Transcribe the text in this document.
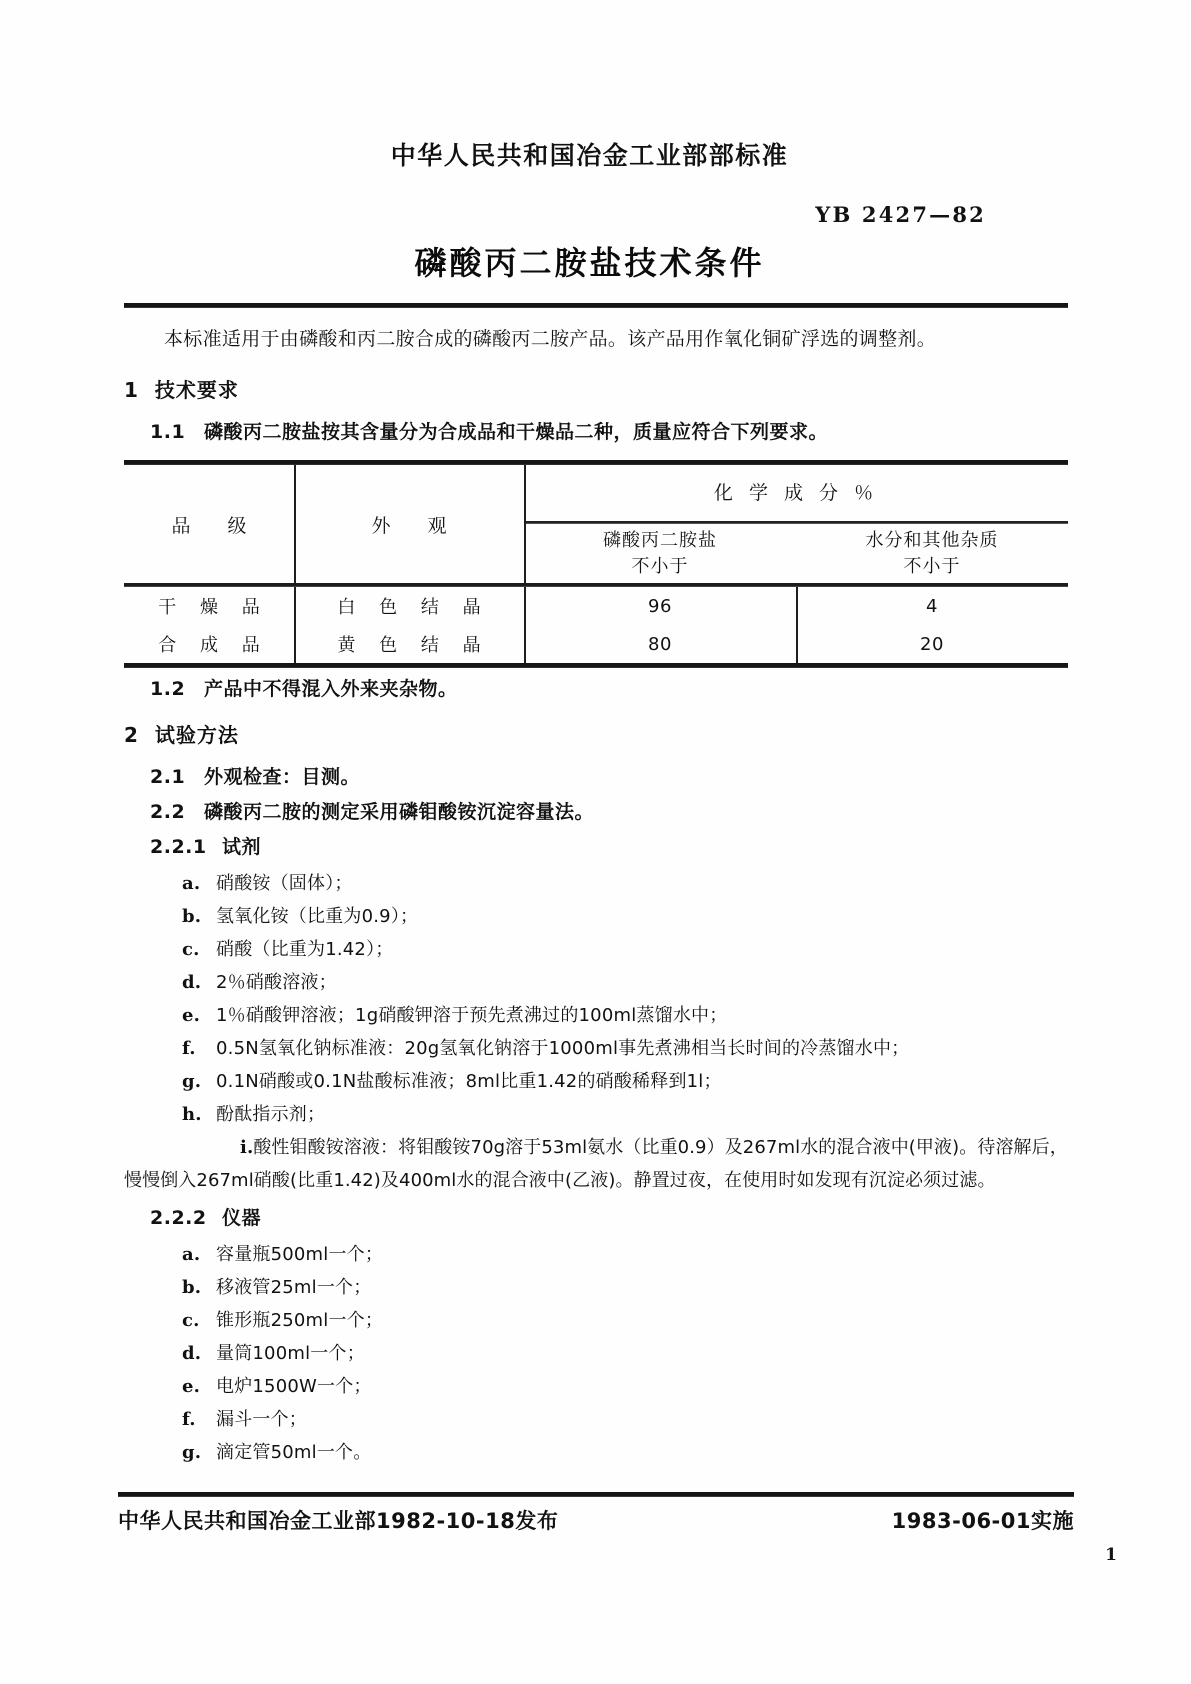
中华人民共和国冶金工业部部标准
YB 2427—82
磷酸丙二胺盐技术条件
本标准适用于由磷酸和丙二胺合成的磷酸丙二胺产品。该产品用作氧化铜矿浮选的调整剂。
1 技术要求
1.1 磷酸丙二胺盐按其含量分为合成品和干燥品二种，质量应符合下列要求。
品　级	外　观
化 学 成 分 ％
磷酸丙二胺盐
不小于
水分和其他杂质
不小于
干 燥 品	白 色 结 晶	96	4
合 成 品	黄 色 结 晶	80	20
1.2 产品中不得混入外来夹杂物。
2 试验方法
2.1 外观检查：目测。
2.2 磷酸丙二胺的测定采用磷钼酸铵沉淀容量法。
2.2.1 试剂
a. 硝酸铵（固体）；
b. 氢氧化铵（比重为0.9）；
c. 硝酸（比重为1.42）；
d. 2％硝酸溶液；
e. 1％硝酸钾溶液；1g硝酸钾溶于预先煮沸过的100ml蒸馏水中；
f. 0.5N氢氧化钠标准液：20g氢氧化钠溶于1000ml事先煮沸相当长时间的冷蒸馏水中；
g. 0.1N硝酸或0.1N盐酸标准液；8ml比重1.42的硝酸稀释到1l；
h. 酚酞指示剂；
i.酸性钼酸铵溶液：将钼酸铵70g溶于53ml氨水（比重0.9）及267ml水的混合液中(甲液)。待溶解后，慢慢倒入267ml硝酸(比重1.42)及400ml水的混合液中(乙液)。静置过夜，在使用时如发现有沉淀必须过滤。
2.2.2 仪器
a. 容量瓶500ml一个；
b. 移液管25ml一个；
c. 锥形瓶250ml一个；
d. 量筒100ml一个；
e. 电炉1500W一个；
f. 漏斗一个；
g. 滴定管50ml一个。
中华人民共和国冶金工业部1982-10-18发布	1983-06-01实施
1
